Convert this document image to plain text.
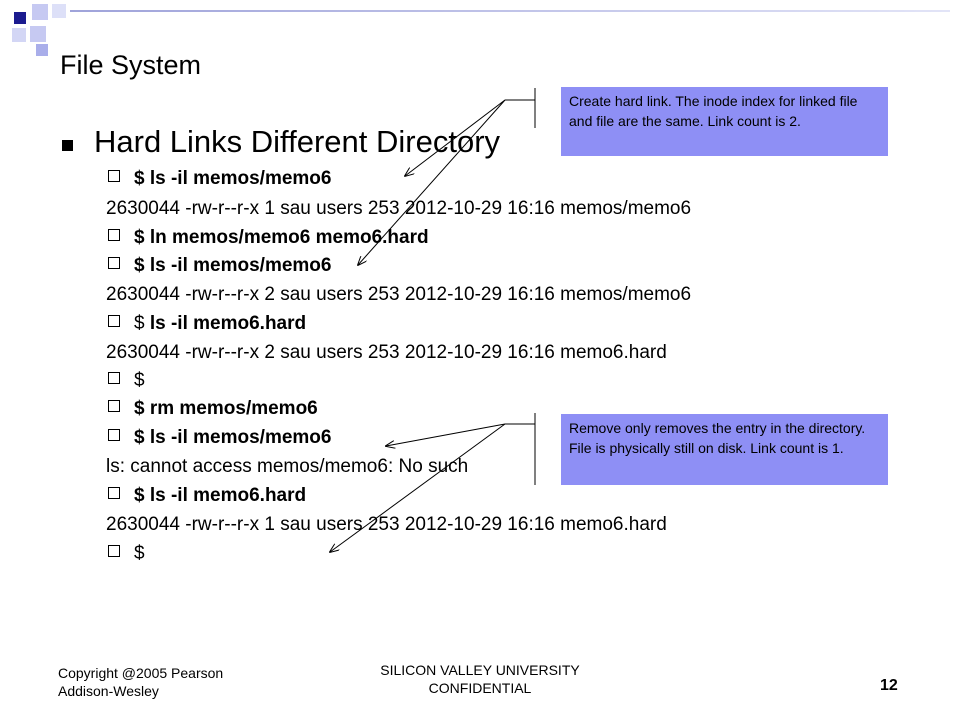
File System
Hard Links Different Directory
$ ls -il memos/memo6
2630044 -rw-r--r-x 1 sau users 253 2012-10-29 16:16 memos/memo6
$ ln memos/memo6 memo6.hard
$ ls -il memos/memo6
2630044 -rw-r--r-x 2 sau users 253 2012-10-29 16:16 memos/memo6
$ ls -il memo6.hard
2630044 -rw-r--r-x 2 sau users 253 2012-10-29 16:16 memo6.hard
$
$ rm memos/memo6
$ ls -il memos/memo6
ls: cannot access memos/memo6: No such
$ ls -il memo6.hard
2630044 -rw-r--r-x 1 sau users 253 2012-10-29 16:16 memo6.hard
$
Create hard link. The inode index for linked file and file are the same. Link count is 2.
Remove only removes the entry in the directory. File is physically still on disk. Link count is 1.
Copyright @2005 Pearson Addison-Wesley
SILICON VALLEY UNIVERSITY CONFIDENTIAL	12
